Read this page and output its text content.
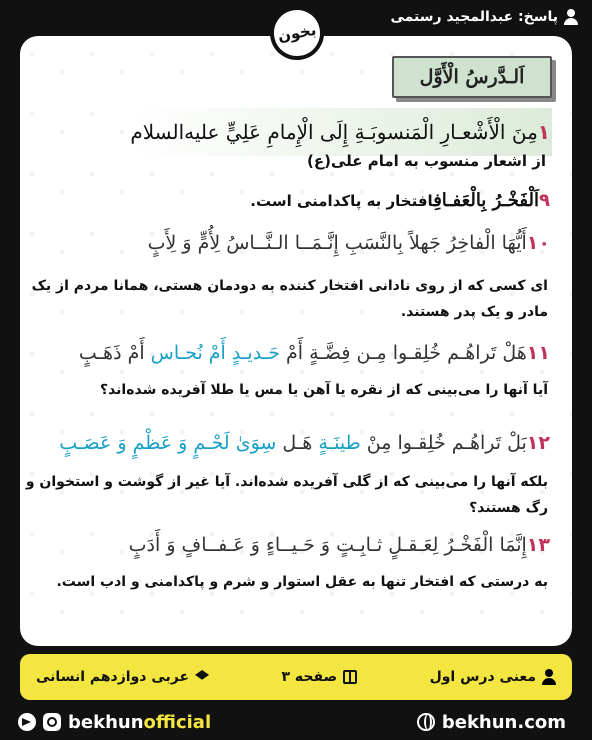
پاسخ: عبدالمجید رستمی
اَلـدَّرسُ الْأَوَّل
۱مِنَ الْأَشْعـارِ الْمَنسوبَـةِ إِلَى الْإِمامِ عَلِيٍّ عليه‌السلام
از اشعار منسوب به امام علی(ع)
۹اَلْفَخْـرُ بِالْعَفـافِافتخار به پاکدامنی است.
۱۰أَیُّهَا الْفاخِرُ جَهلاً بِالنَّسَبِ إِنَّـمَــا الـنَّــاسُ لِأُمٍّ وَ لِأَبٍ
ای کسی که از روی نادانی افتخار کننده به دودمان هستی، همانا مردم از یک
مادر و یک پدر هستند.
۱۱هَلْ تَراهُـم خُلِقـوا مِـن فِضَّـةٍ أَمْ حَـدیـدٍ أَمْ نُحـاس أَمْ ذَهَـبٍ
آیا آنها را می‌بینی که از نقره یا آهن یا مس یا طلا آفریده شده‌اند؟
۱۲بَلْ تَراهُـم خُلِقـوا مِنْ طینَـةٍ هَـل سِوَىٰ لَحْـمٍ وَ عَظْمٍ وَ عَصَـبٍ
بلکه آنها را می‌بینی که از گلی آفریده شده‌اند. آیا غیر از گوشت و استخوان و
رگ هستند؟
۱۳إِنَّمَا الْفَخْـرُ لِعَـقـلٍ ثـابِـتٍ وَ حَـیــاءٍ وَ عَـفــافٍ وَ أَدَبٍ
به درستی که افتخار تنها به عقل استوار و شرم و پاکدامنی و ادب است.
بخون
معنی درس اول
صفحه ۳
عربی دوازدهم انسانی
bekhunofficial	bekhun.com
